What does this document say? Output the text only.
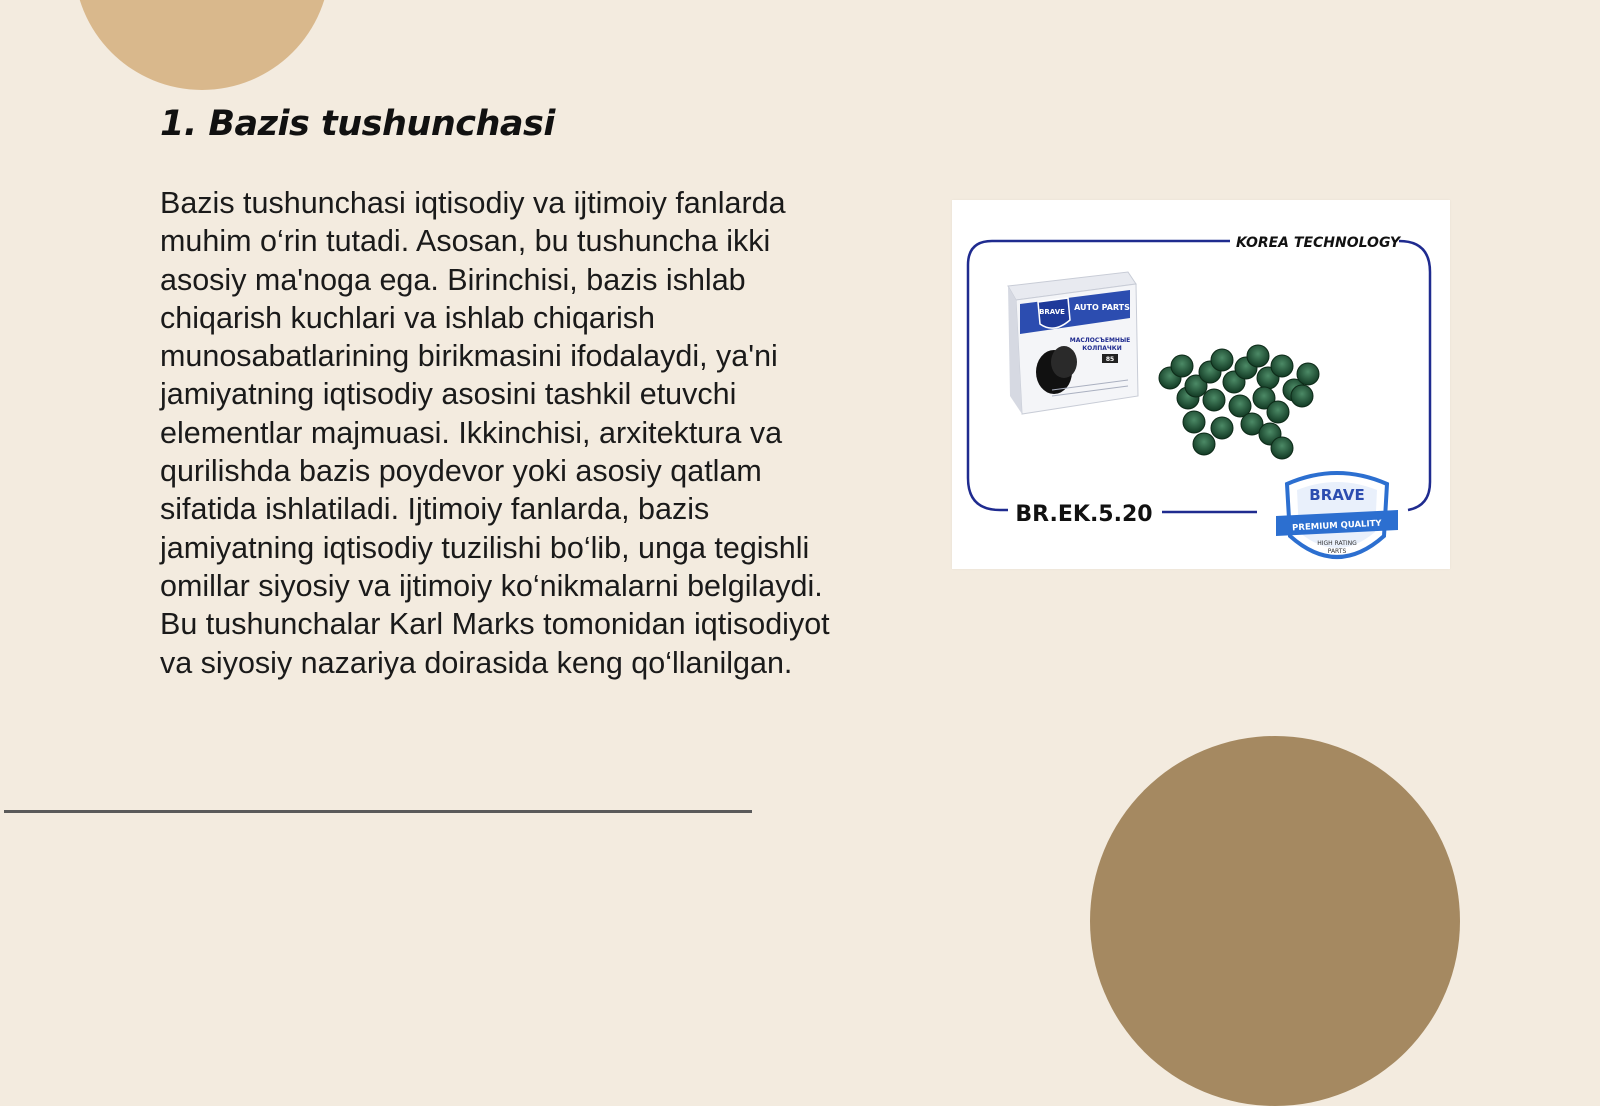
1. Bazis tushunchasi

Bazis tushunchasi iqtisodiy va ijtimoiy fanlarda muhim o‘rin tutadi. Asosan, bu tushuncha ikki asosiy ma'noga ega. Birinchisi, bazis ishlab chiqarish kuchlari va ishlab chiqarish munosabatlarining birikmasini ifodalaydi, ya'ni jamiyatning iqtisodiy asosini tashkil etuvchi elementlar majmuasi. Ikkinchisi, arxitektura va qurilishda bazis poydevor yoki asosiy qatlam sifatida ishlatiladi. Ijtimoiy fanlarda, bazis jamiyatning iqtisodiy tuzilishi bo‘lib, unga tegishli omillar siyosiy va ijtimoiy ko‘nikmalarni belgilaydi. Bu tushunchalar Karl Marks tomonidan iqtisodiyot va siyosiy nazariya doirasida keng qo‘llanilgan.

KOREA TECHNOLOGY
BRAVE AUTO PARTS
МАСЛОСЪЕМНЫЕ
КОЛПАЧКИ
85
BR.EK.5.20
BRAVE
PREMIUM QUALITY
HIGH RATING
PARTS
